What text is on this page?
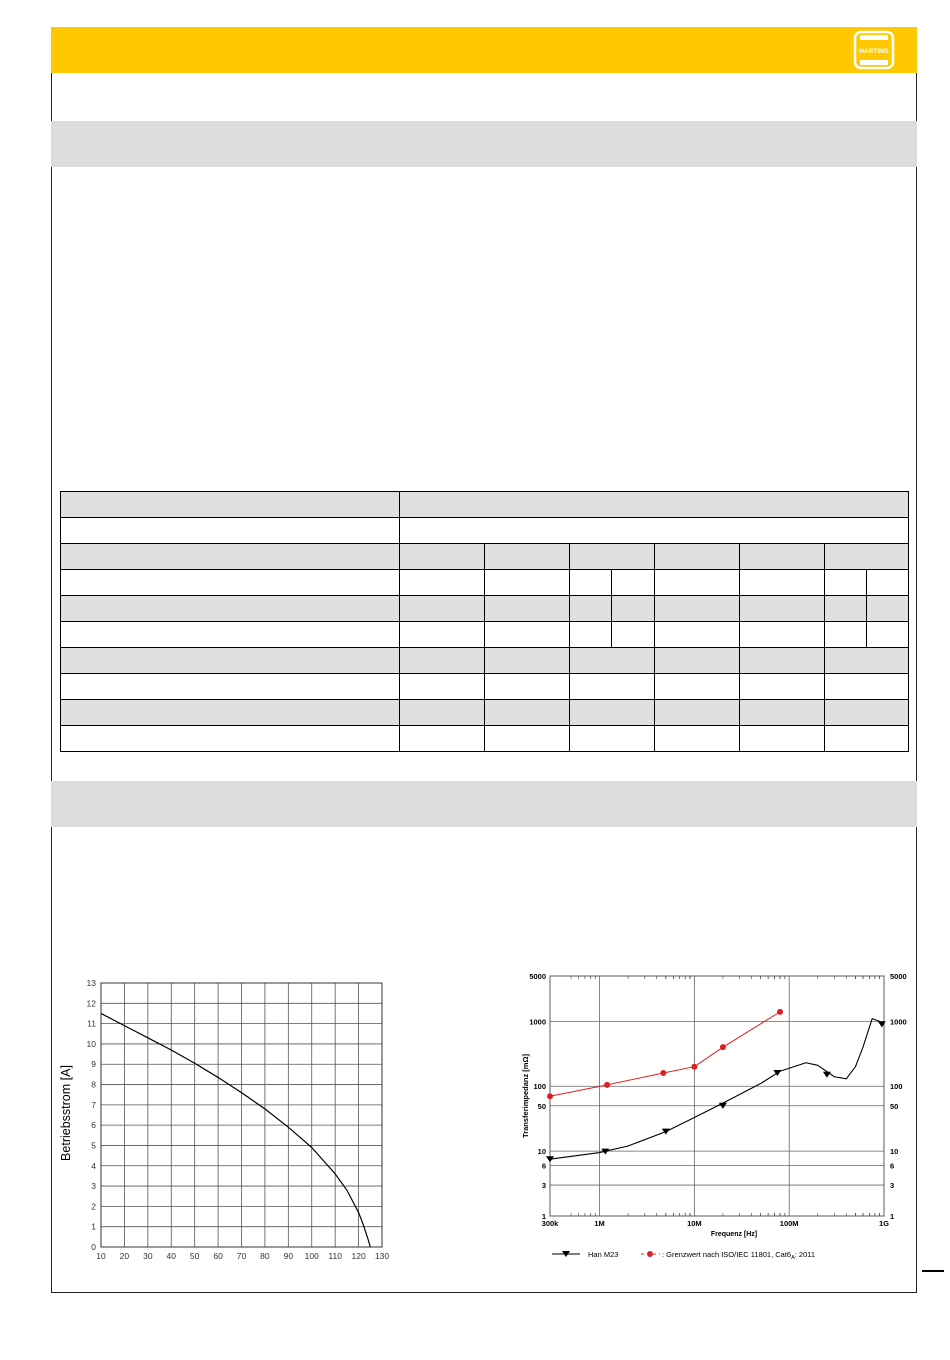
HARTING

10 20 30 40 50 60 70 80 90 100 110 120 130
0
1
2
3
4
5
6
7
8
9
10
11
12
13
Betriebsstrom [A]
300k	1M	10M	100M	1G
1	1
3	3
6	6
10	10
50	50
100	100
1000	1000
5000	5000
Transferimpedanz [mΩ]
Frequenz [Hz]
Han M23	: Grenzwert nach ISO/IEC 11801, $Cat6_A$: 2011
